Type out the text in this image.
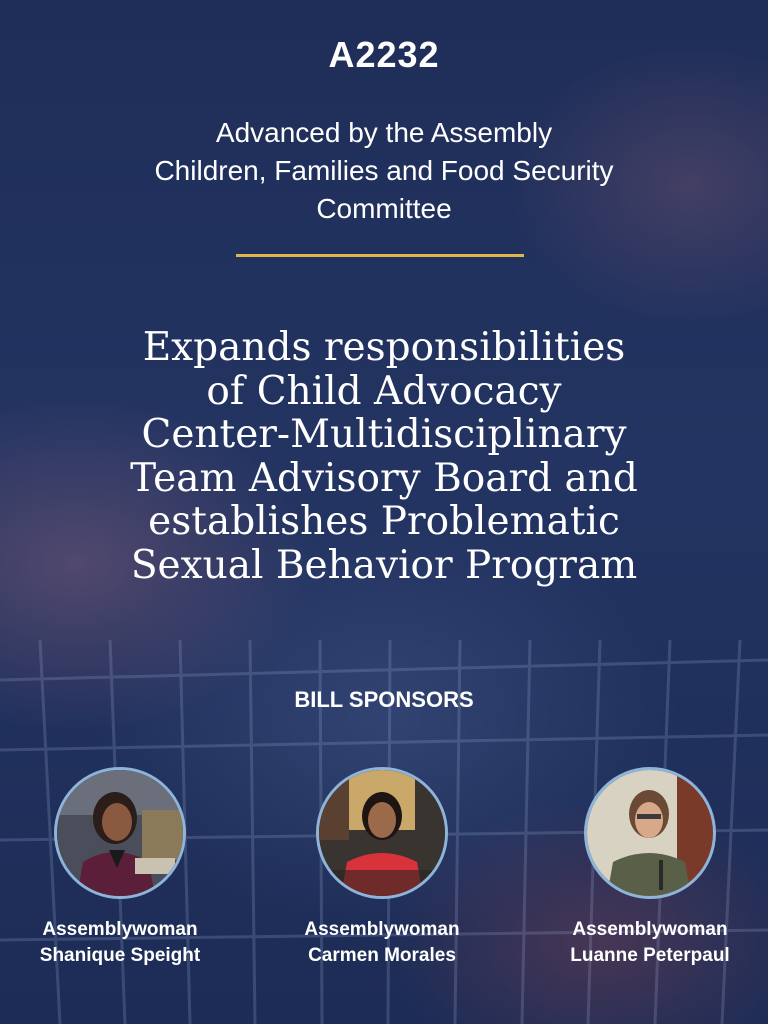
A2232
Advanced by the Assembly
Children, Families and Food Security
Committee
Expands responsibilities
of Child Advocacy
Center-Multidisciplinary
Team Advisory Board and
establishes Problematic
Sexual Behavior Program
BILL SPONSORS
Assemblywoman
Shanique Speight
Assemblywoman
Carmen Morales
Assemblywoman
Luanne Peterpaul
